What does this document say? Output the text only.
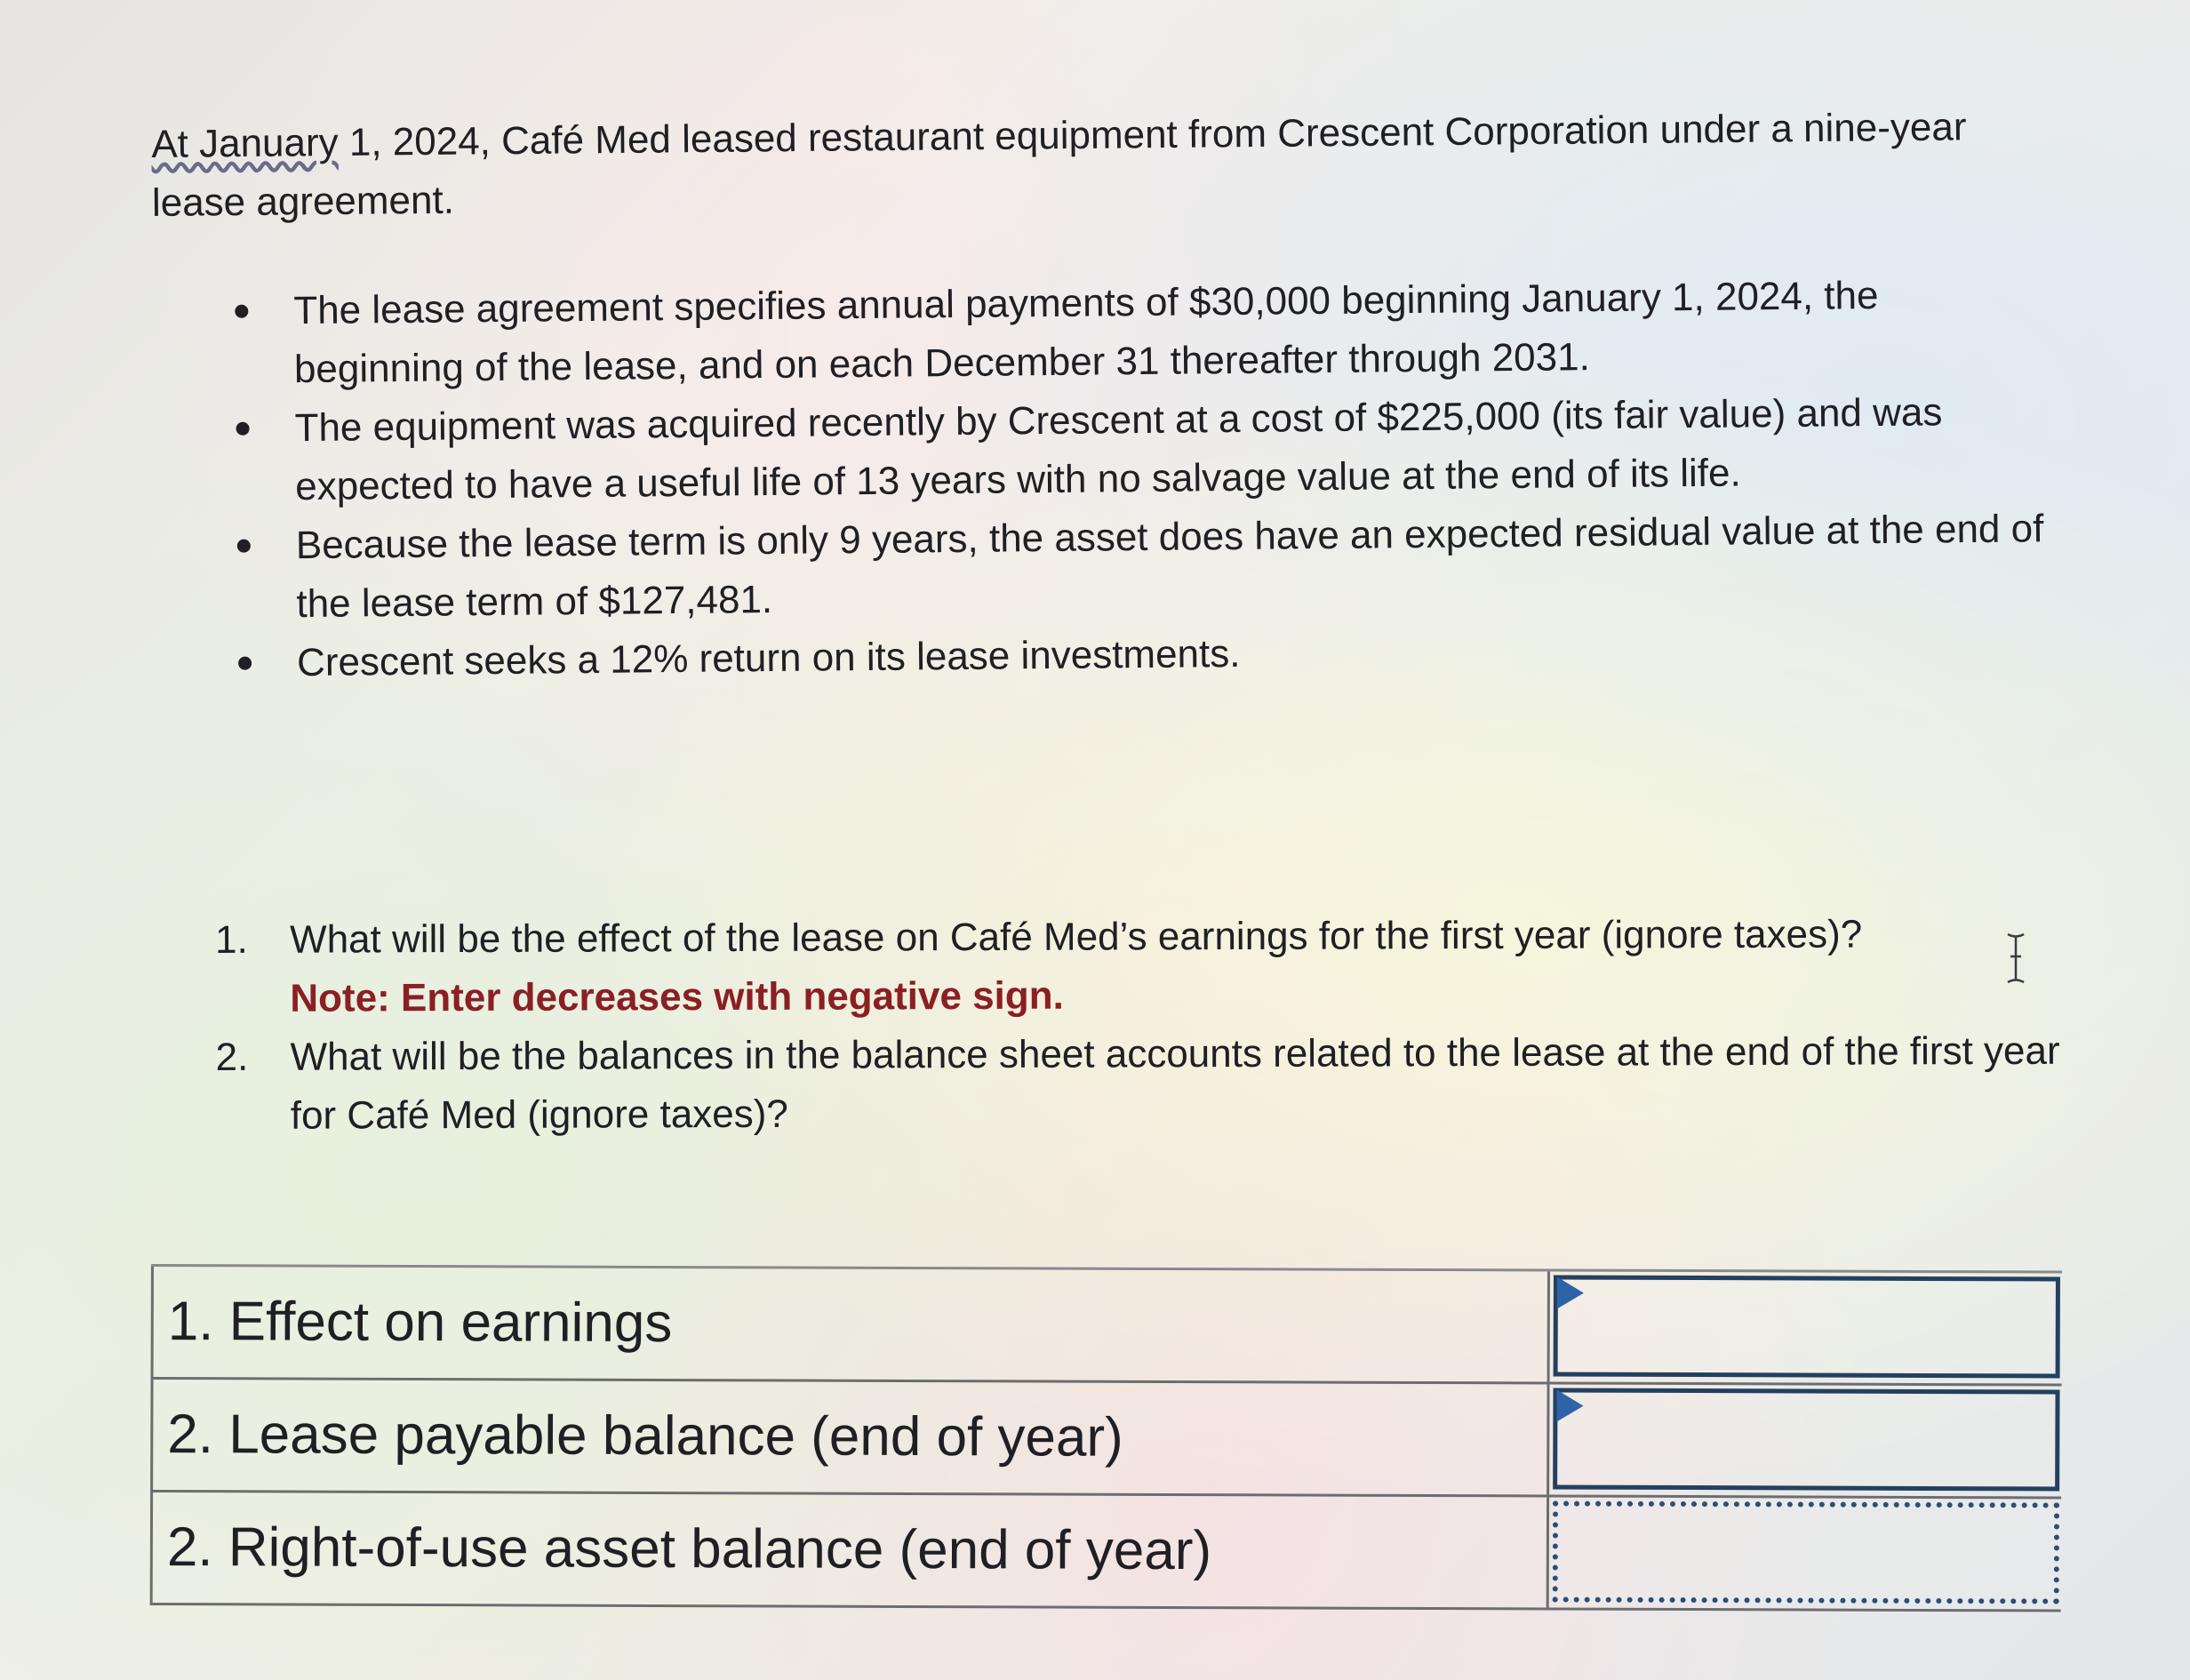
At January 1, 2024, Café Med leased restaurant equipment from Crescent Corporation under a nine-year lease agreement.
The lease agreement specifies annual payments of $30,000 beginning January 1, 2024, the beginning of the lease, and on each December 31 thereafter through 2031.
The equipment was acquired recently by Crescent at a cost of $225,000 (its fair value) and was expected to have a useful life of 13 years with no salvage value at the end of its life.
Because the lease term is only 9 years, the asset does have an expected residual value at the end of the lease term of $127,481.
Crescent seeks a 12% return on its lease investments.
1. What will be the effect of the lease on Café Med’s earnings for the first year (ignore taxes)?
Note: Enter decreases with negative sign.
2. What will be the balances in the balance sheet accounts related to the lease at the end of the first year for Café Med (ignore taxes)?
1. Effect on earnings
2. Lease payable balance (end of year)
2. Right-of-use asset balance (end of year)
